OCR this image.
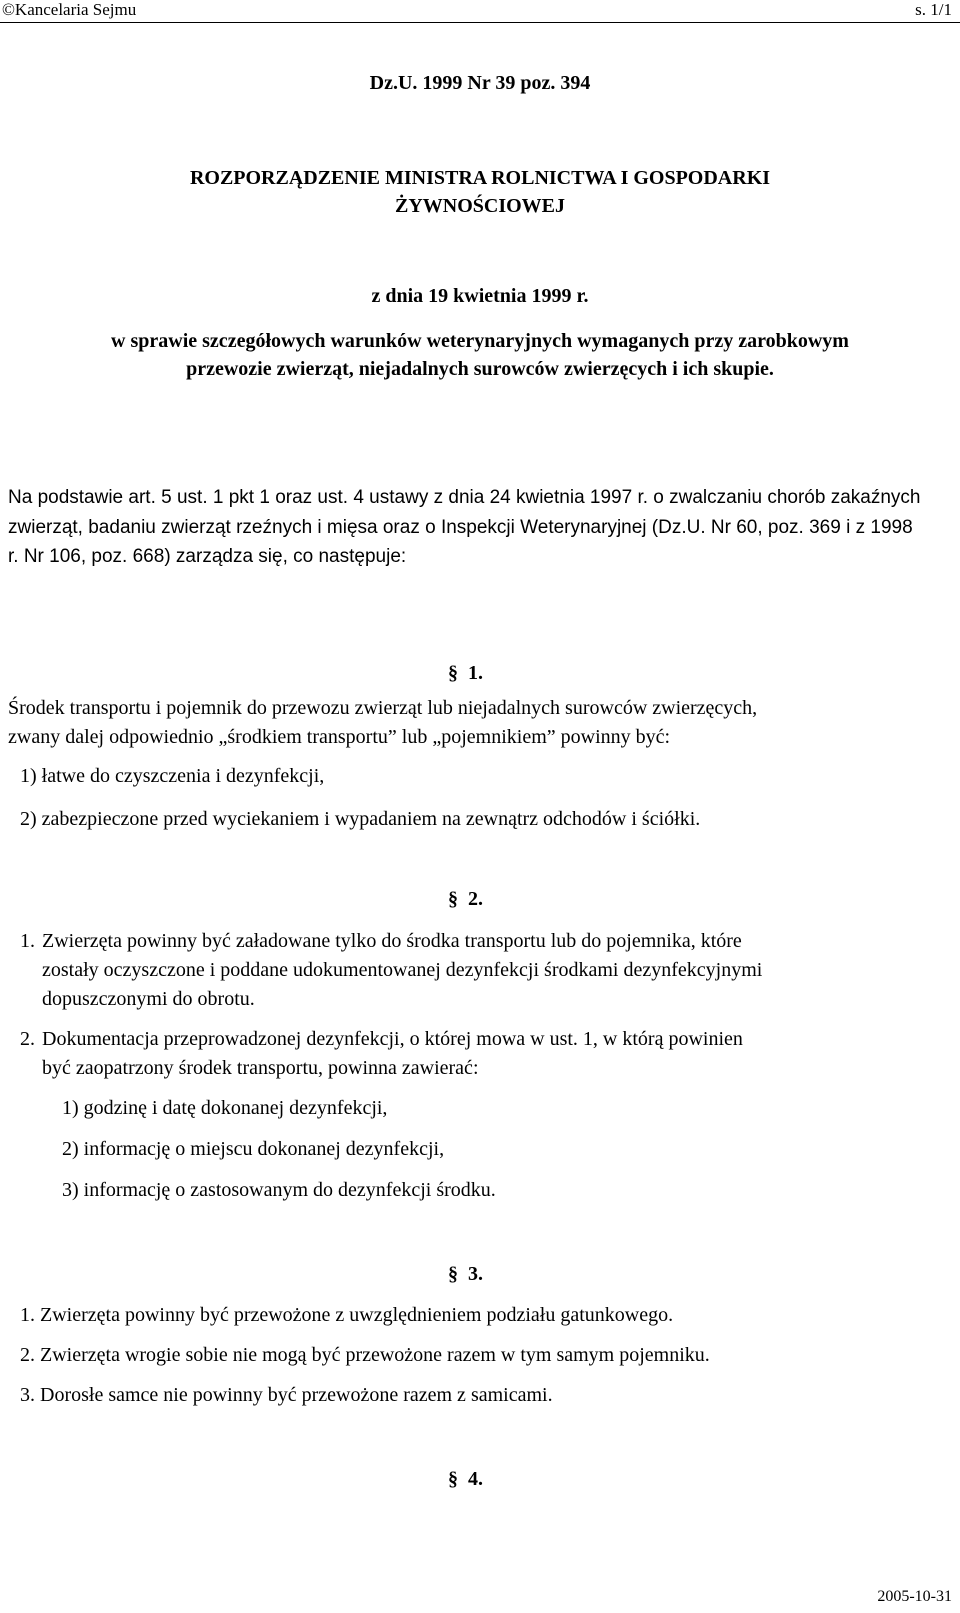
©Kancelaria Sejmu	s. 1/1
Dz.U. 1999 Nr 39 poz. 394
ROZPORZĄDZENIE MINISTRA ROLNICTWA I GOSPODARKI
ŻYWNOŚCIOWEJ
z dnia 19 kwietnia 1999 r.
w sprawie szczegółowych warunków weterynaryjnych wymaganych przy zarobkowym
przewozie zwierząt, niejadalnych surowców zwierzęcych i ich skupie.
Na podstawie art. 5 ust. 1 pkt 1 oraz ust. 4 ustawy z dnia 24 kwietnia 1997 r. o zwalczaniu chorób zakaźnych zwierząt, badaniu zwierząt rzeźnych i mięsa oraz o Inspekcji Weterynaryjnej (Dz.U. Nr 60, poz. 369 i z 1998 r. Nr 106, poz. 668) zarządza się, co następuje:
§ 1.
Środek transportu i pojemnik do przewozu zwierząt lub niejadalnych surowców zwierzęcych,
zwany dalej odpowiednio „środkiem transportu” lub „pojemnikiem” powinny być:
1) łatwe do czyszczenia i dezynfekcji,
2) zabezpieczone przed wyciekaniem i wypadaniem na zewnątrz odchodów i ściółki.
§ 2.
1. Zwierzęta powinny być załadowane tylko do środka transportu lub do pojemnika, które
zostały oczyszczone i poddane udokumentowanej dezynfekcji środkami dezynfekcyjnymi
dopuszczonymi do obrotu.
2. Dokumentacja przeprowadzonej dezynfekcji, o której mowa w ust. 1, w którą powinien
być zaopatrzony środek transportu, powinna zawierać:
1) godzinę i datę dokonanej dezynfekcji,
2) informację o miejscu dokonanej dezynfekcji,
3) informację o zastosowanym do dezynfekcji środku.
§ 3.
1. Zwierzęta powinny być przewożone z uwzględnieniem podziału gatunkowego.
2. Zwierzęta wrogie sobie nie mogą być przewożone razem w tym samym pojemniku.
3. Dorosłe samce nie powinny być przewożone razem z samicami.
§ 4.
2005-10-31
